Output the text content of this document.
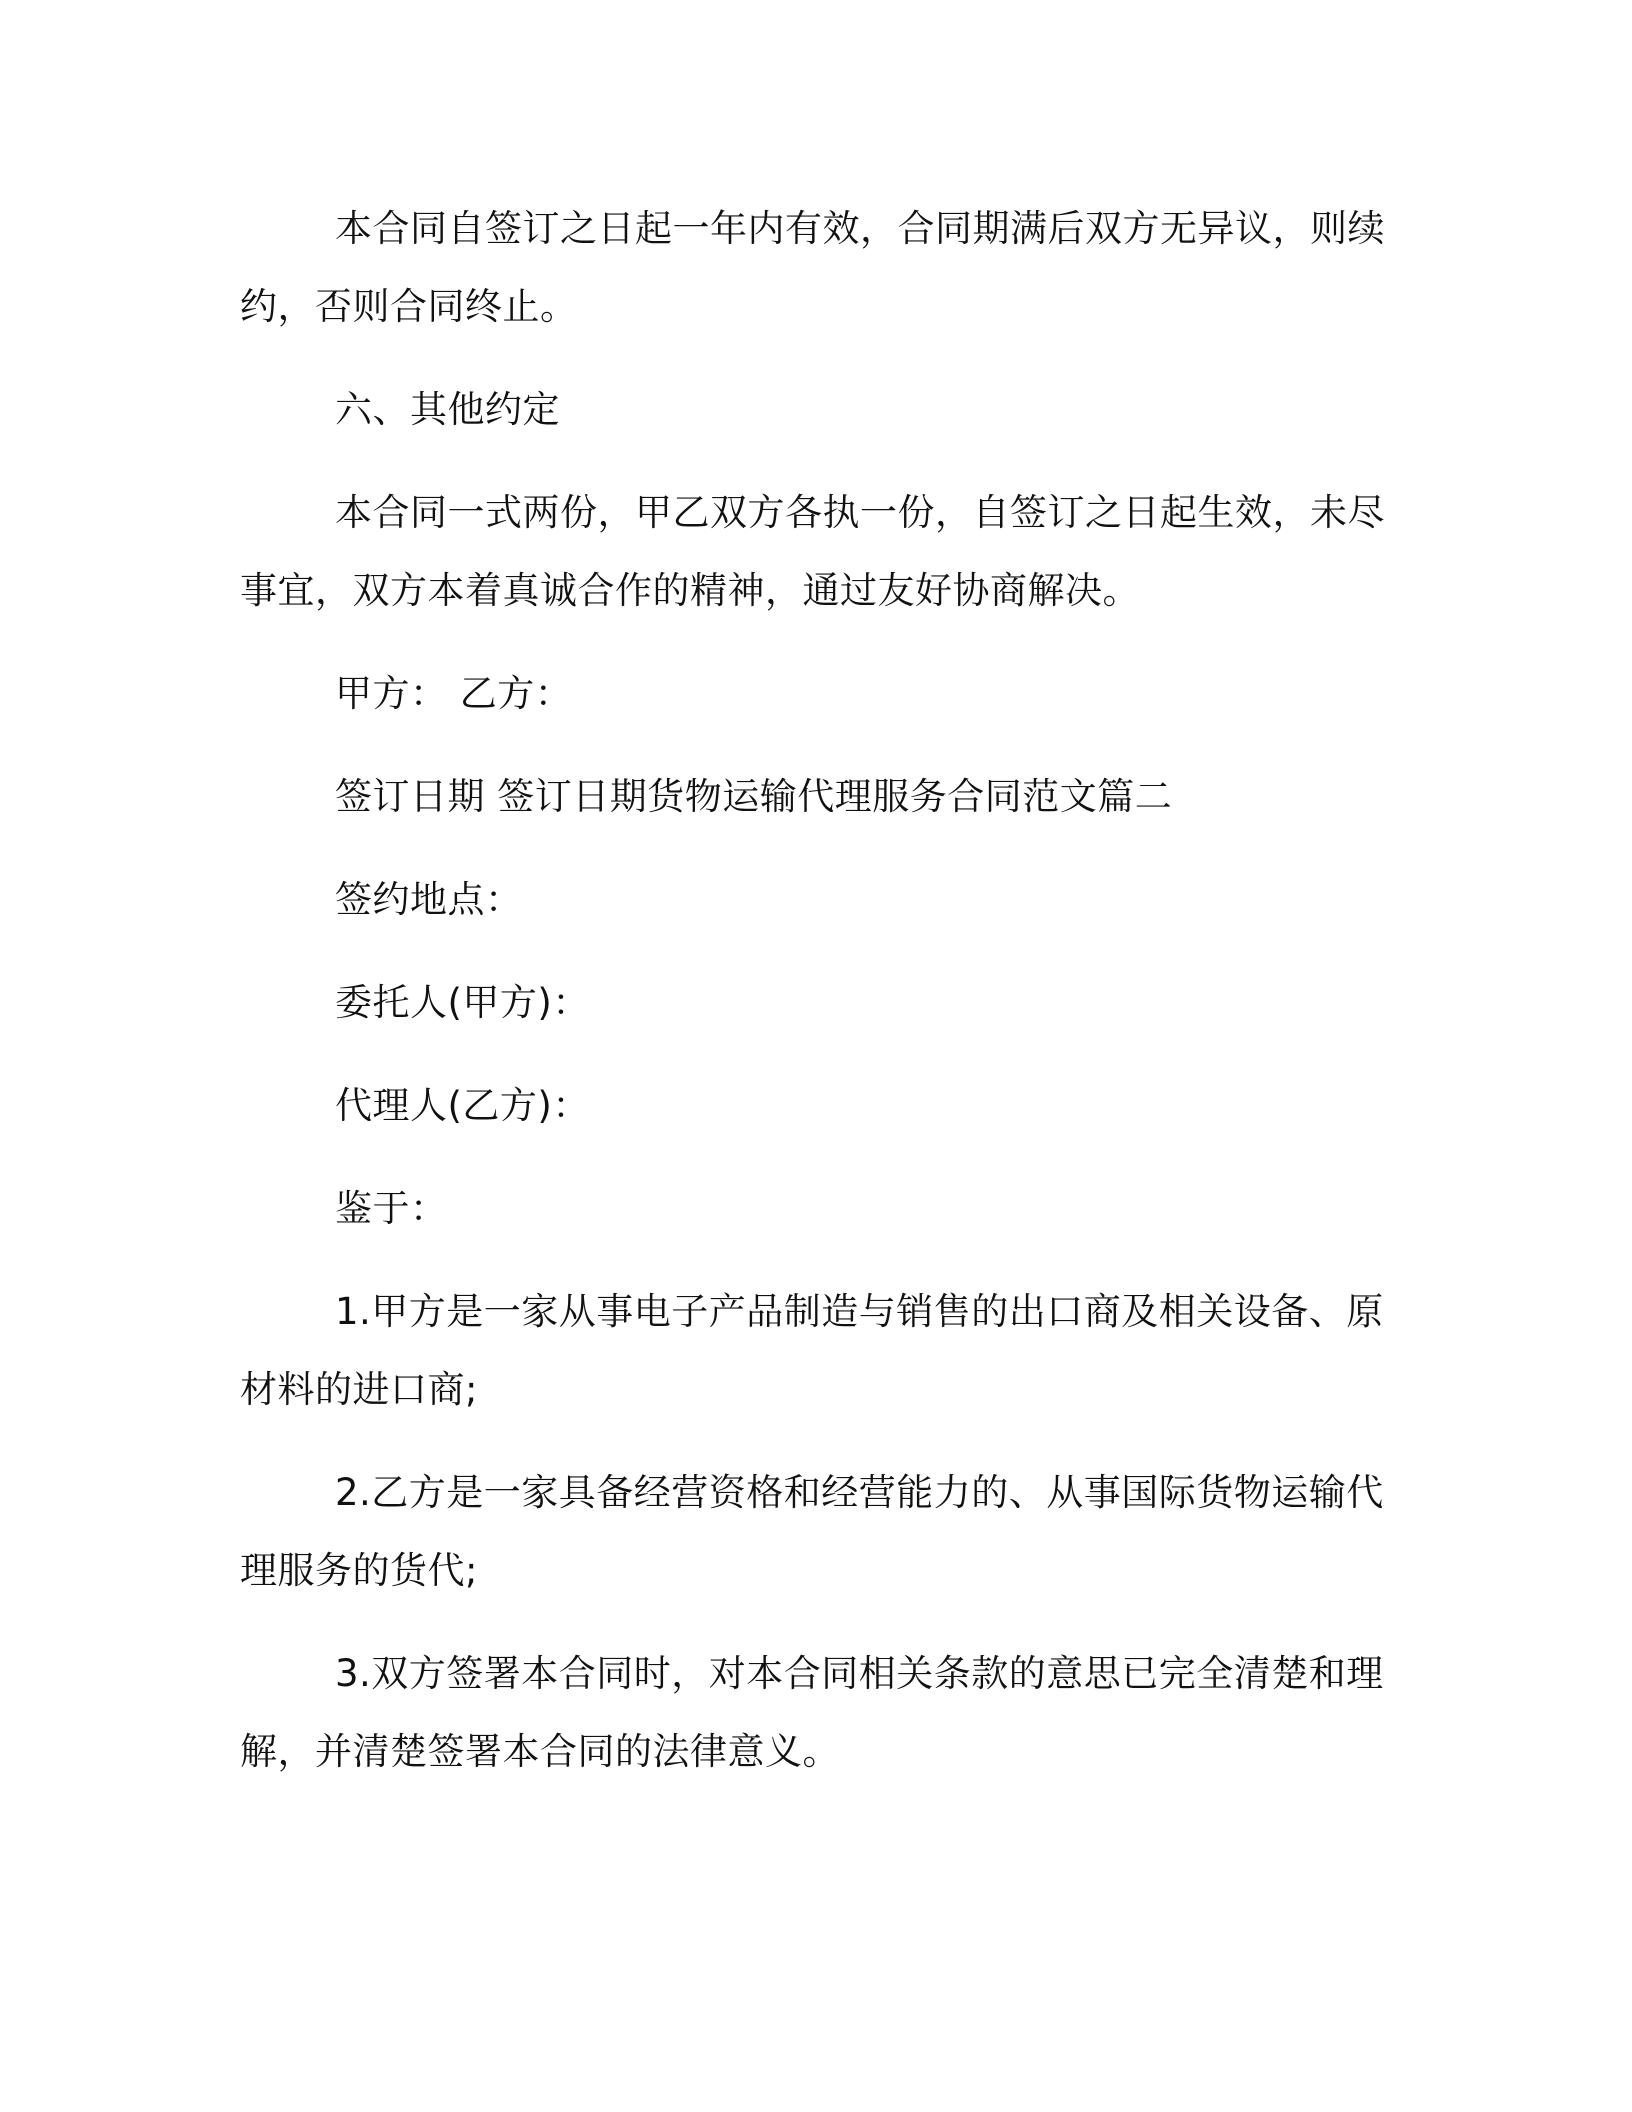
本合同自签订之日起一年内有效，合同期满后双方无异议，则续约，否则合同终止。

六、其他约定

本合同一式两份，甲乙双方各执一份，自签订之日起生效，未尽事宜，双方本着真诚合作的精神，通过友好协商解决。

甲方： 乙方：

签订日期 签订日期货物运输代理服务合同范文篇二

签约地点：

委托人(甲方)：

代理人(乙方)：

鉴于：

1.甲方是一家从事电子产品制造与销售的出口商及相关设备、原材料的进口商;

2.乙方是一家具备经营资格和经营能力的、从事国际货物运输代理服务的货代;

3.双方签署本合同时，对本合同相关条款的意思已完全清楚和理解，并清楚签署本合同的法律意义。
